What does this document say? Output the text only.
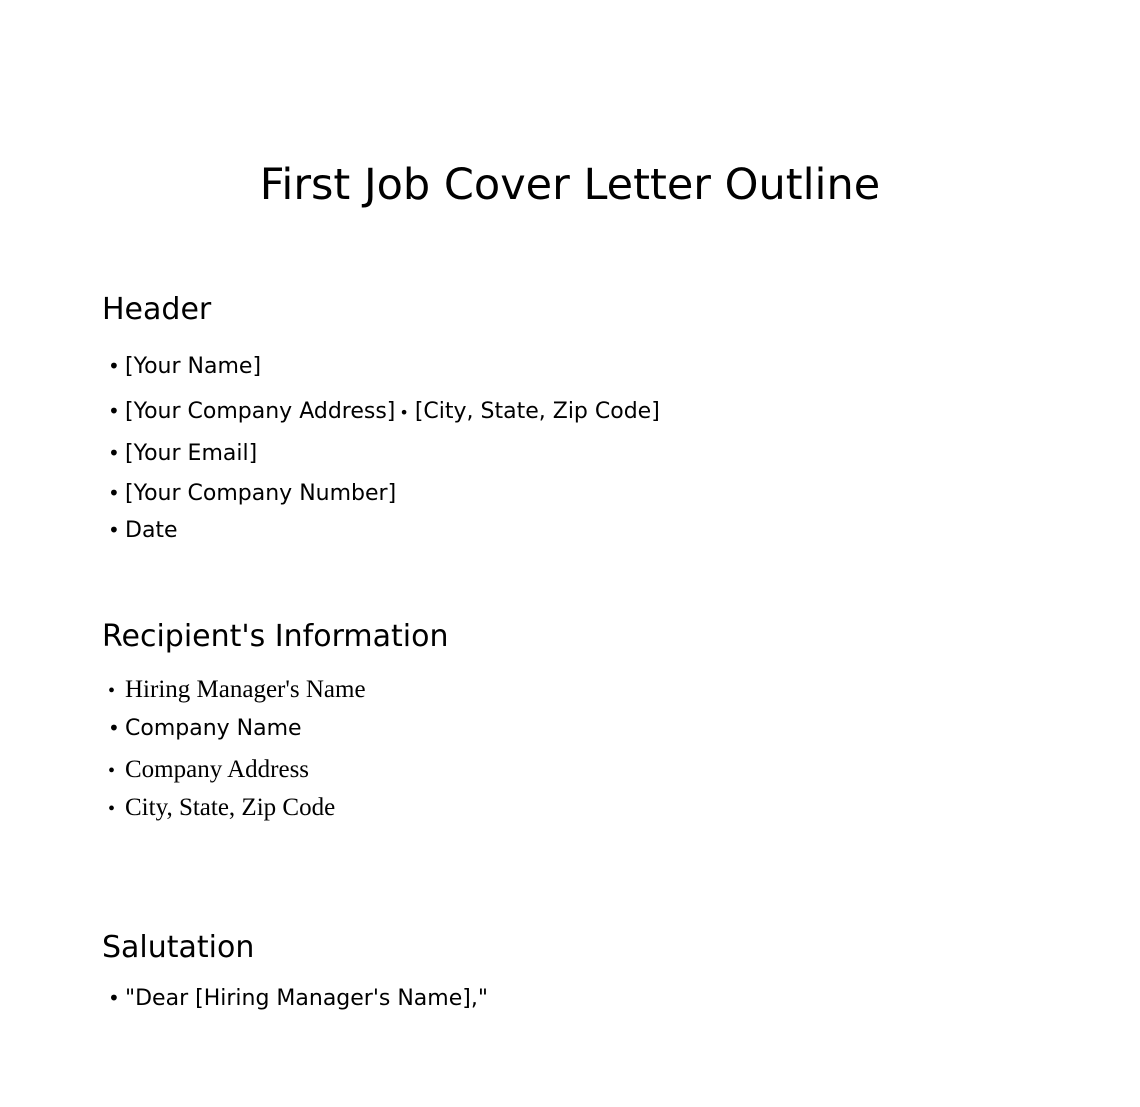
First Job Cover Letter Outline
Header
• [Your Name]
• [Your Company Address] • [City, State, Zip Code]
• [Your Email]
• [Your Company Number]
• Date
Recipient's Information
• Hiring Manager's Name
• Company Name
• Company Address
• City, State, Zip Code
Salutation
• "Dear [Hiring Manager's Name],"
